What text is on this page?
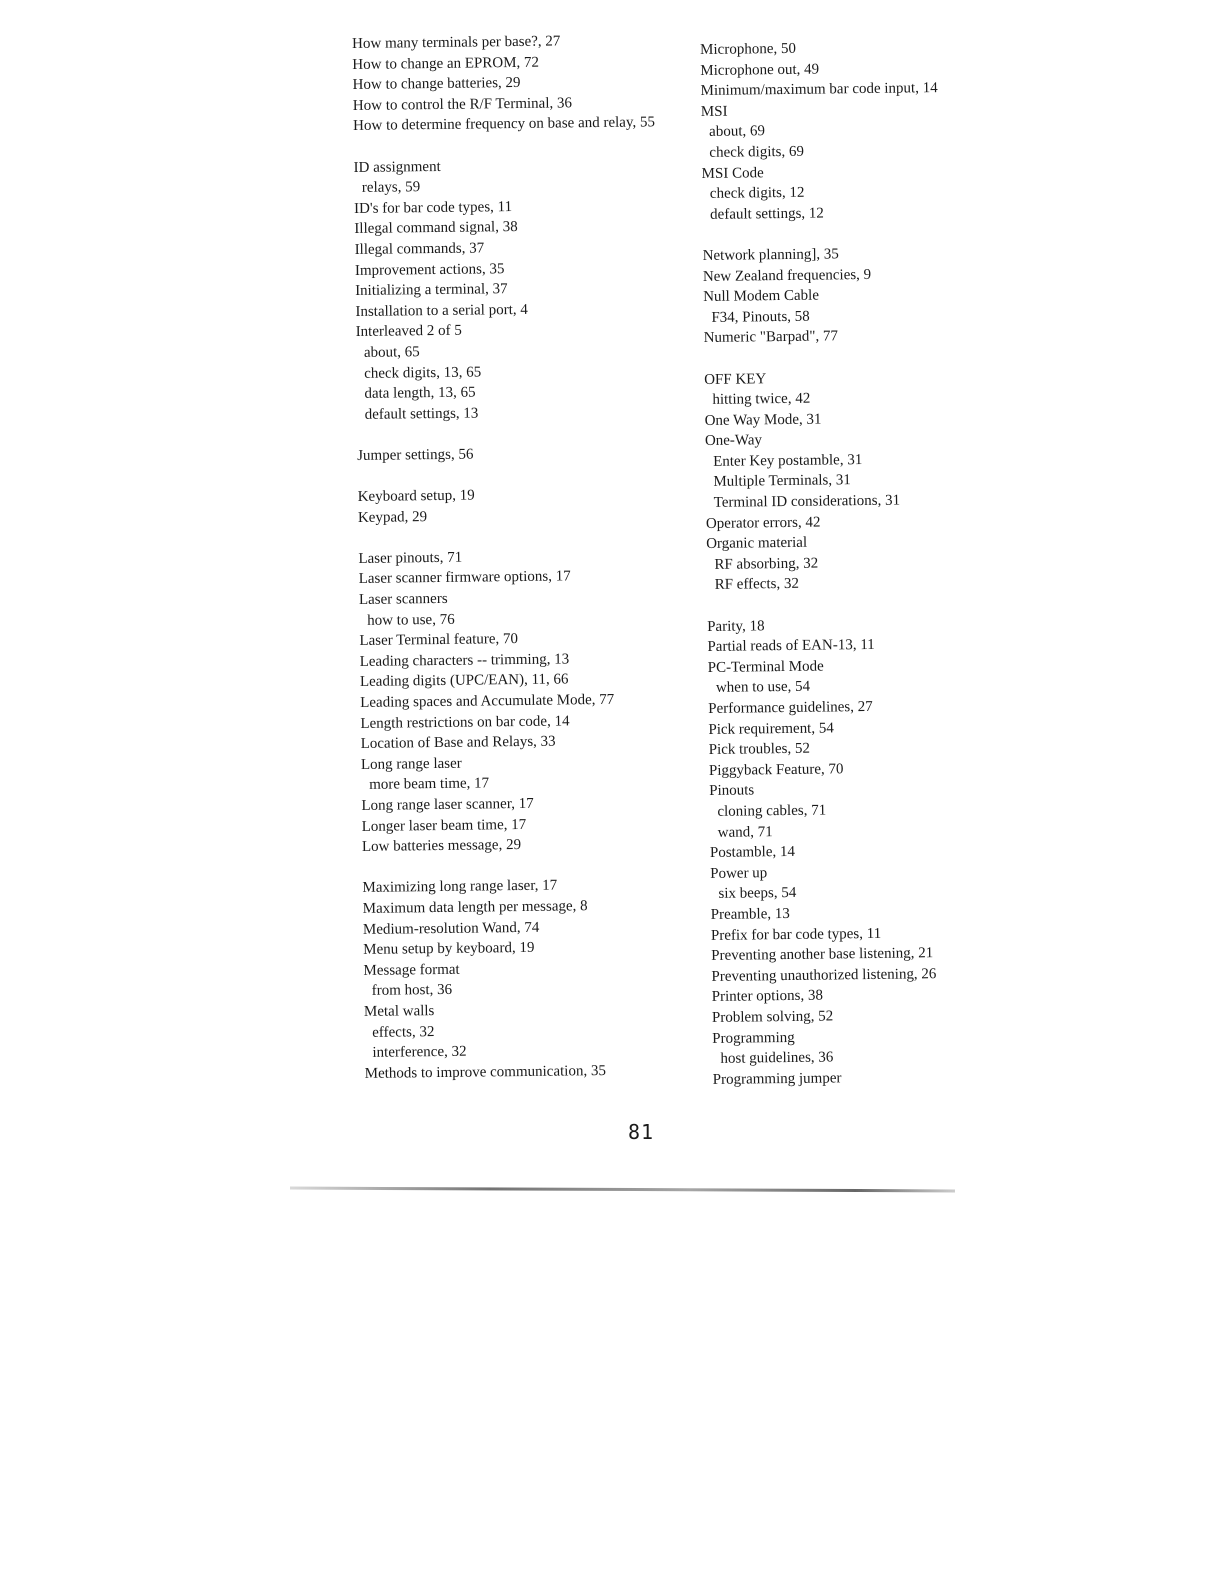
How many terminals per base?, 27
How to change an EPROM, 72
How to change batteries, 29
How to control the R/F Terminal, 36
How to determine frequency on base and relay, 55
ID assignment
relays, 59
ID's for bar code types, 11
Illegal command signal, 38
Illegal commands, 37
Improvement actions, 35
Initializing a terminal, 37
Installation to a serial port, 4
Interleaved 2 of 5
about, 65
check digits, 13, 65
data length, 13, 65
default settings, 13
Jumper settings, 56
Keyboard setup, 19
Keypad, 29
Laser pinouts, 71
Laser scanner firmware options, 17
Laser scanners
how to use, 76
Laser Terminal feature, 70
Leading characters -- trimming, 13
Leading digits (UPC/EAN), 11, 66
Leading spaces and Accumulate Mode, 77
Length restrictions on bar code, 14
Location of Base and Relays, 33
Long range laser
more beam time, 17
Long range laser scanner, 17
Longer laser beam time, 17
Low batteries message, 29
Maximizing long range laser, 17
Maximum data length per message, 8
Medium-resolution Wand, 74
Menu setup by keyboard, 19
Message format
from host, 36
Metal walls
effects, 32
interference, 32
Methods to improve communication, 35
Microphone, 50
Microphone out, 49
Minimum/maximum bar code input, 14
MSI
about, 69
check digits, 69
MSI Code
check digits, 12
default settings, 12
Network planning], 35
New Zealand frequencies, 9
Null Modem Cable
F34, Pinouts, 58
Numeric "Barpad", 77
OFF KEY
hitting twice, 42
One Way Mode, 31
One-Way
Enter Key postamble, 31
Multiple Terminals, 31
Terminal ID considerations, 31
Operator errors, 42
Organic material
RF absorbing, 32
RF effects, 32
Parity, 18
Partial reads of EAN-13, 11
PC-Terminal Mode
when to use, 54
Performance guidelines, 27
Pick requirement, 54
Pick troubles, 52
Piggyback Feature, 70
Pinouts
cloning cables, 71
wand, 71
Postamble, 14
Power up
six beeps, 54
Preamble, 13
Prefix for bar code types, 11
Preventing another base listening, 21
Preventing unauthorized listening, 26
Printer options, 38
Problem solving, 52
Programming
host guidelines, 36
Programming jumper
81
